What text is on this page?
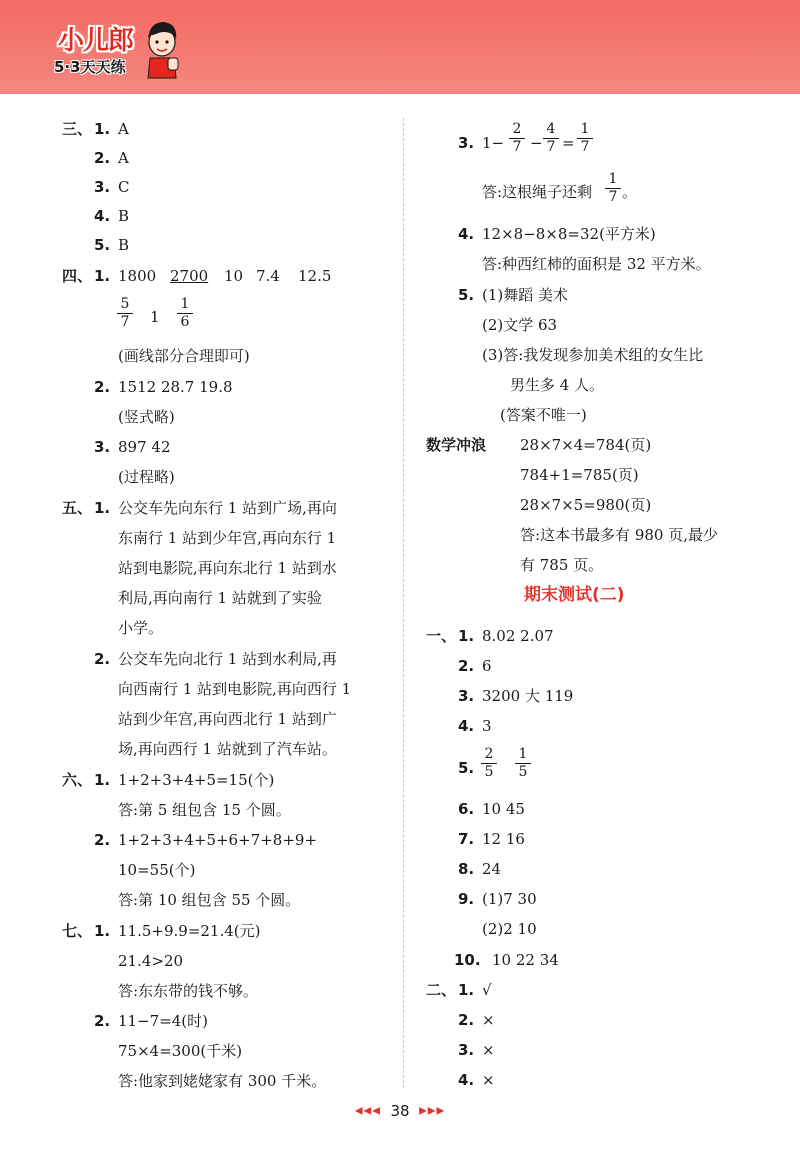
小儿郎
5·3天天练
三、 1. A
2. A
3. C
4. B
5. B
四、 1. 1800 2700 10 7.4 12.5
5
7 1
1
6
(画线部分合理即可)
2. 1512 28.7 19.8
(竖式略)
3. 897 42
(过程略)
五、 1. 公交车先向东行 1 站到广场,再向
东南行 1 站到少年宫,再向东行 1
站到电影院,再向东北行 1 站到水
利局,再向南行 1 站就到了实验
小学。
2. 公交车先向北行 1 站到水利局,再
向西南行 1 站到电影院,再向西行 1
站到少年宫,再向西北行 1 站到广
场,再向西行 1 站就到了汽车站。
六、 1. 1+2+3+4+5=15(个)
答:第 5 组包含 15 个圆。
2. 1+2+3+4+5+6+7+8+9+
10=55(个)
答:第 10 组包含 55 个圆。
七、 1. 11.5+9.9=21.4(元)
21.4>20
答:东东带的钱不够。
2. 11−7=4(时)
75×4=300(千米)
答:他家到姥姥家有 300 千米。
3. 1−
2
7 −
4
7 =
1
7
答:这根绳子还剩
1
7 。
4. 12×8−8×8=32(平方米)
答:种西红柿的面积是 32 平方米。
5. (1)舞蹈 美术
(2)文学 63
(3)答:我发现参加美术组的女生比
男生多 4 人。
(答案不唯一)
数学冲浪 28×7×4=784(页)
784+1=785(页)
28×7×5=980(页)
答:这本书最多有 980 页,最少
有 785 页。
期末测试(二)
一、 1. 8.02 2.07
2. 6
3. 3200 大 119
4. 3
5.
2
5
1
5
6. 10 45
7. 12 16
8. 24
9. (1)7 30
(2)2 10
10. 10 22 34
二、 1. √
2. ×
3. ×
4. ×
◀◀◀ 38 ▶▶▶
